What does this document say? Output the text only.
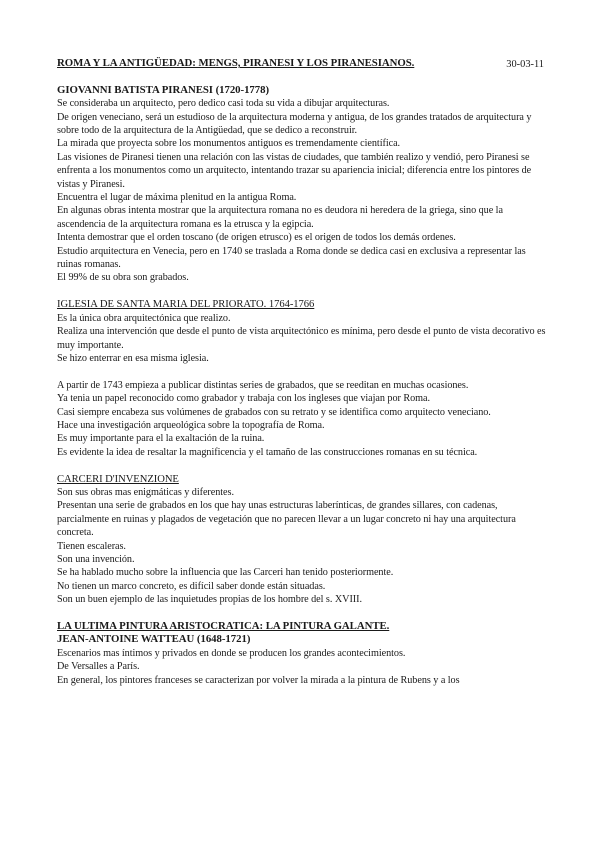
30-03-11
ROMA Y LA ANTIGÜEDAD: MENGS, PIRANESI Y LOS PIRANESIANOS.
GIOVANNI BATISTA PIRANESI (1720-1778)
Se consideraba un arquitecto, pero dedico casi toda su vida a dibujar arquitecturas.
De origen veneciano, será un estudioso de la arquitectura moderna y antigua, de los grandes tratados de arquitectura y sobre todo de la arquitectura de la Antigüedad, que se dedico a reconstruir.
La mirada que proyecta sobre los monumentos antiguos es tremendamente científica.
Las visiones de Piranesi tienen una relación con las vistas de ciudades, que también realizo y vendió, pero Piranesi se enfrenta a los monumentos como un arquitecto, intentando trazar su apariencia inicial; diferencia entre los pintores de vistas y Piranesi.
Encuentra el lugar de máxima plenitud en la antigua Roma.
En algunas obras intenta mostrar que la arquitectura romana no es deudora ni heredera de la griega, sino que la ascendencia de la arquitectura romana es la etrusca y la egipcia.
Intenta demostrar que el orden toscano (de origen etrusco) es el origen de todos los demás ordenes.
Estudio arquitectura en Venecia, pero en 1740 se traslada a Roma donde se dedica casi en exclusiva a representar las ruinas romanas.
El 99% de su obra son grabados.
IGLESIA DE SANTA MARIA DEL PRIORATO. 1764-1766
Es la única obra arquitectónica que realizo.
Realiza una intervención que desde el punto de vista arquitectónico es mínima, pero desde el punto de vista decorativo es muy importante.
Se hizo enterrar en esa misma iglesia.
A partir de 1743 empieza a publicar distintas series de grabados, que se reeditan en muchas ocasiones.
Ya tenia un papel reconocido como grabador y trabaja con los ingleses que viajan por Roma.
Casi siempre encabeza sus volúmenes de grabados con su retrato y se identifica como arquitecto veneciano.
Hace una investigación arqueológica sobre la topografía de Roma.
Es muy importante para el la exaltación de la ruina.
Es evidente la idea de resaltar la magnificencia y el tamaño de las construcciones romanas en su técnica.
CARCERI D'INVENZIONE
Son sus obras mas enigmáticas y diferentes.
Presentan una serie de grabados en los que hay unas estructuras laberínticas, de grandes sillares, con cadenas, parcialmente en ruinas y plagados de vegetación que no parecen llevar a un lugar concreto ni hay una arquitectura concreta.
Tienen escaleras.
Son una invención.
Se ha hablado mucho sobre la influencia que las Carceri han tenido posteriormente.
No tienen un marco concreto, es difícil saber donde están situadas.
Son un buen ejemplo de las inquietudes propias de los hombre del s. XVIII.
LA ULTIMA PINTURA ARISTOCRATICA: LA PINTURA GALANTE.
JEAN-ANTOINE WATTEAU (1648-1721)
Escenarios mas íntimos y privados en donde se producen los grandes acontecimientos.
De Versalles a París.
En general, los pintores franceses se caracterizan por volver la mirada a la pintura de Rubens y a los
